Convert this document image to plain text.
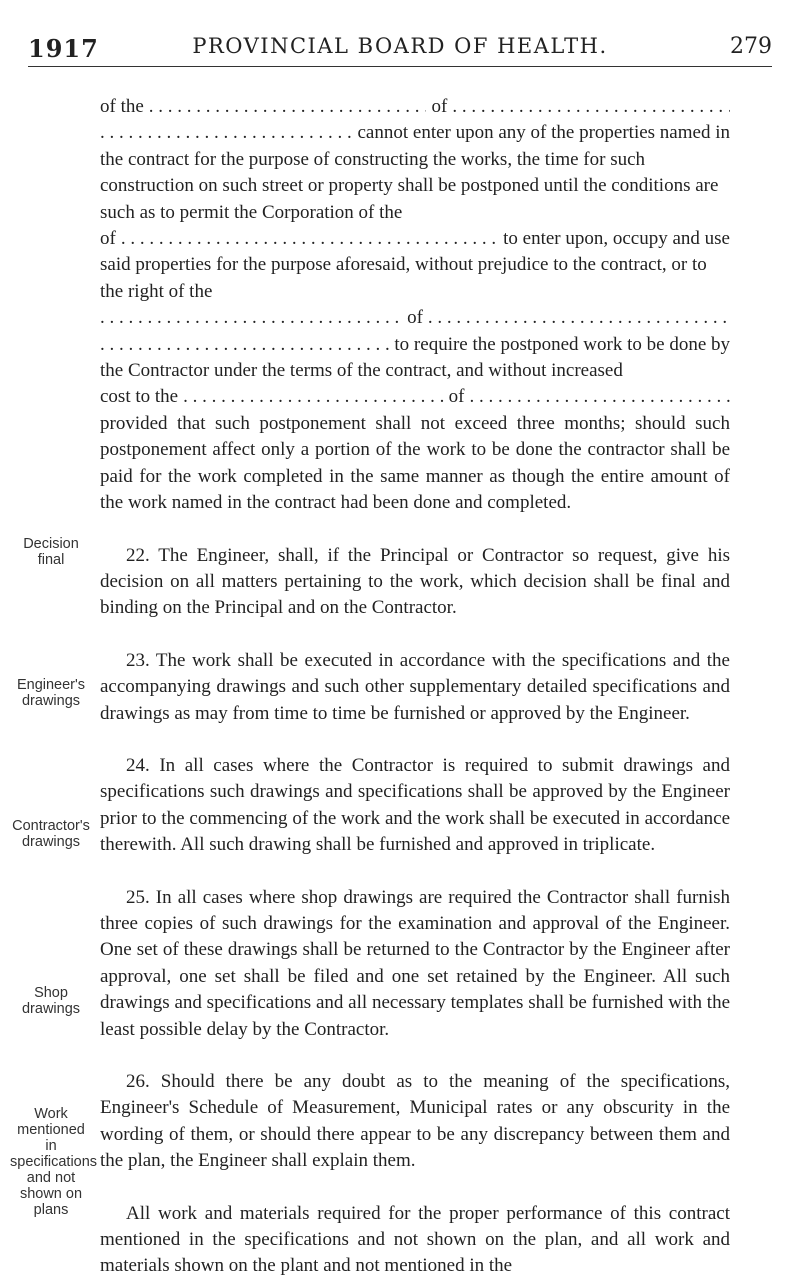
1917	PROVINCIAL BOARD OF HEALTH.	279
of the . . .	of
. . .
. . .
cannot enter upon any of the properties named in

the contract for the purpose of constructing the works, the time for such construction on such street or property shall be postponed until the conditions are such as to permit the Corporation of the

of . . .	to enter upon, occupy and use
said properties for the purpose aforesaid, without prejudice to the contract, or to the right of the
. . .
of
. . .
. . .
to require the postponed work to be done by

the Contractor under the terms of the contract, and without increased

cost to the . . .	of
. . .

provided that such postponement shall not exceed three months; should such postponement affect only a portion of the work to be done the contractor shall be paid for the work completed in the same manner as though the entire amount of the work named in the contract had been done and completed.

22. The Engineer, shall, if the Principal or Contractor so request, give his decision on all matters pertaining to the work, which decision shall be final and binding on the Principal and on the Contractor.

23. The work shall be executed in accordance with the specifications and the accompanying drawings and such other supplementary detailed specifications and drawings as may from time to time be furnished or approved by the Engineer.

24. In all cases where the Contractor is required to submit drawings and specifications such drawings and specifications shall be approved by the Engineer prior to the commencing of the work and the work shall be executed in accordance therewith. All such drawing shall be furnished and approved in triplicate.

25. In all cases where shop drawings are required the Contractor shall furnish three copies of such drawings for the examination and approval of the Engineer. One set of these drawings shall be returned to the Contractor by the Engineer after approval, one set shall be filed and one set retained by the Engineer. All such drawings and specifications and all necessary templates shall be furnished with the least possible delay by the Contractor.

26. Should there be any doubt as to the meaning of the specifications, Engineer's Schedule of Measurement, Municipal rates or any obscurity in the wording of them, or should there appear to be any discrepancy between them and the plan, the Engineer shall explain them.

All work and materials required for the proper performance of this contract mentioned in the specifications and not shown on the plan, and all work and materials shown on the plant and not mentioned in the

Decision final
Engineer's drawings
Contractor's drawings
Shop drawings
Work mentioned in specifications and not shown on plans
